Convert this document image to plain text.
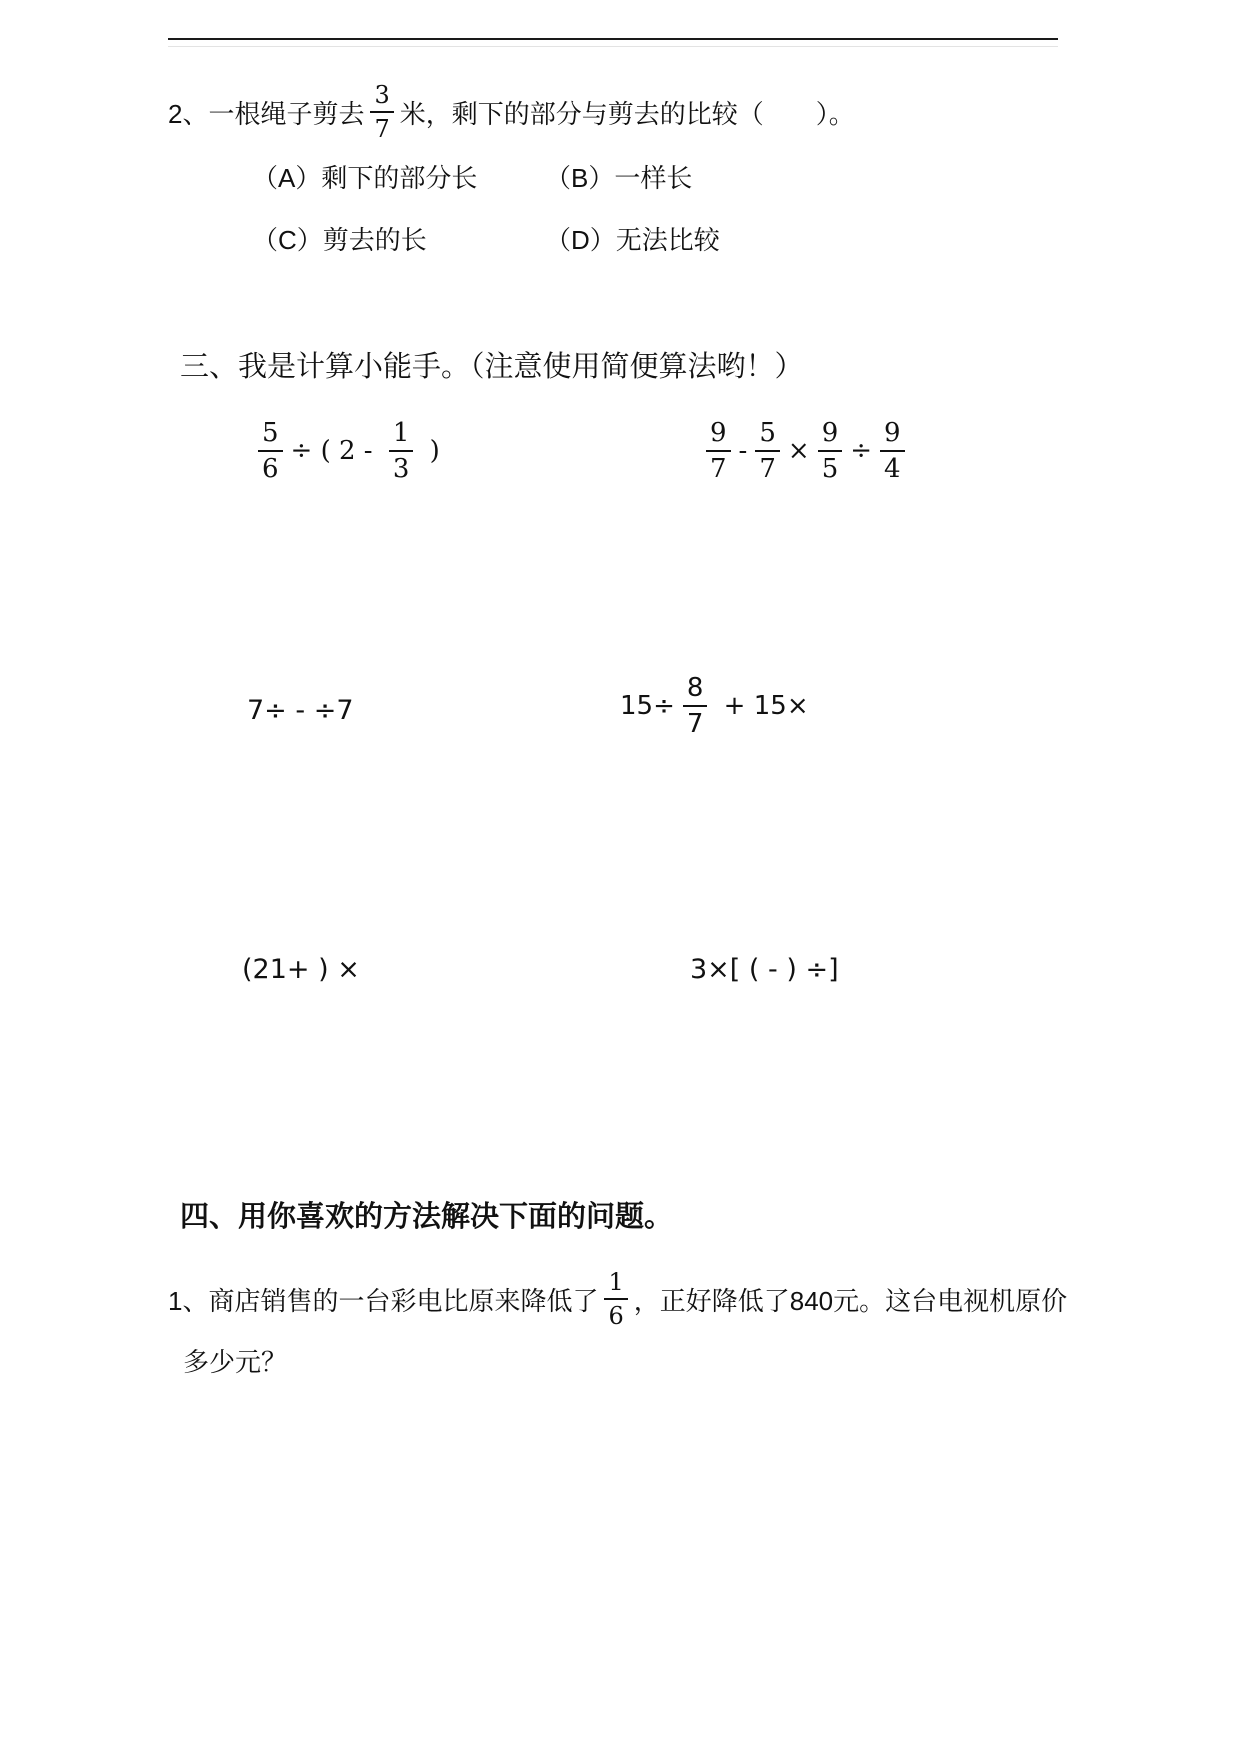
2、一根绳子剪去 $\frac{3}{7}$ 米，剩下的部分与剪去的比较（　　）。
（A）剩下的部分长	（B）一样长
（C）剪去的长	（D）无法比较
三、我是计算小能手。（注意使用简便算法哟！）
$\frac{5}{6}$ ÷ ( $2 - \frac{1}{3}$ )	$\frac{9}{7} - \frac{5}{7} \times \frac{9}{5} \div \frac{9}{4}$
7÷ - ÷7	$15\div \frac{8}{7} + 15\times$
(21+ ) ×	3×[ ( - ) ÷]
四、用你喜欢的方法解决下面的问题。
1、商店销售的一台彩电比原来降低了 $\frac{1}{6}$ ，正好降低了840元。这台电视机原价
多少元？
